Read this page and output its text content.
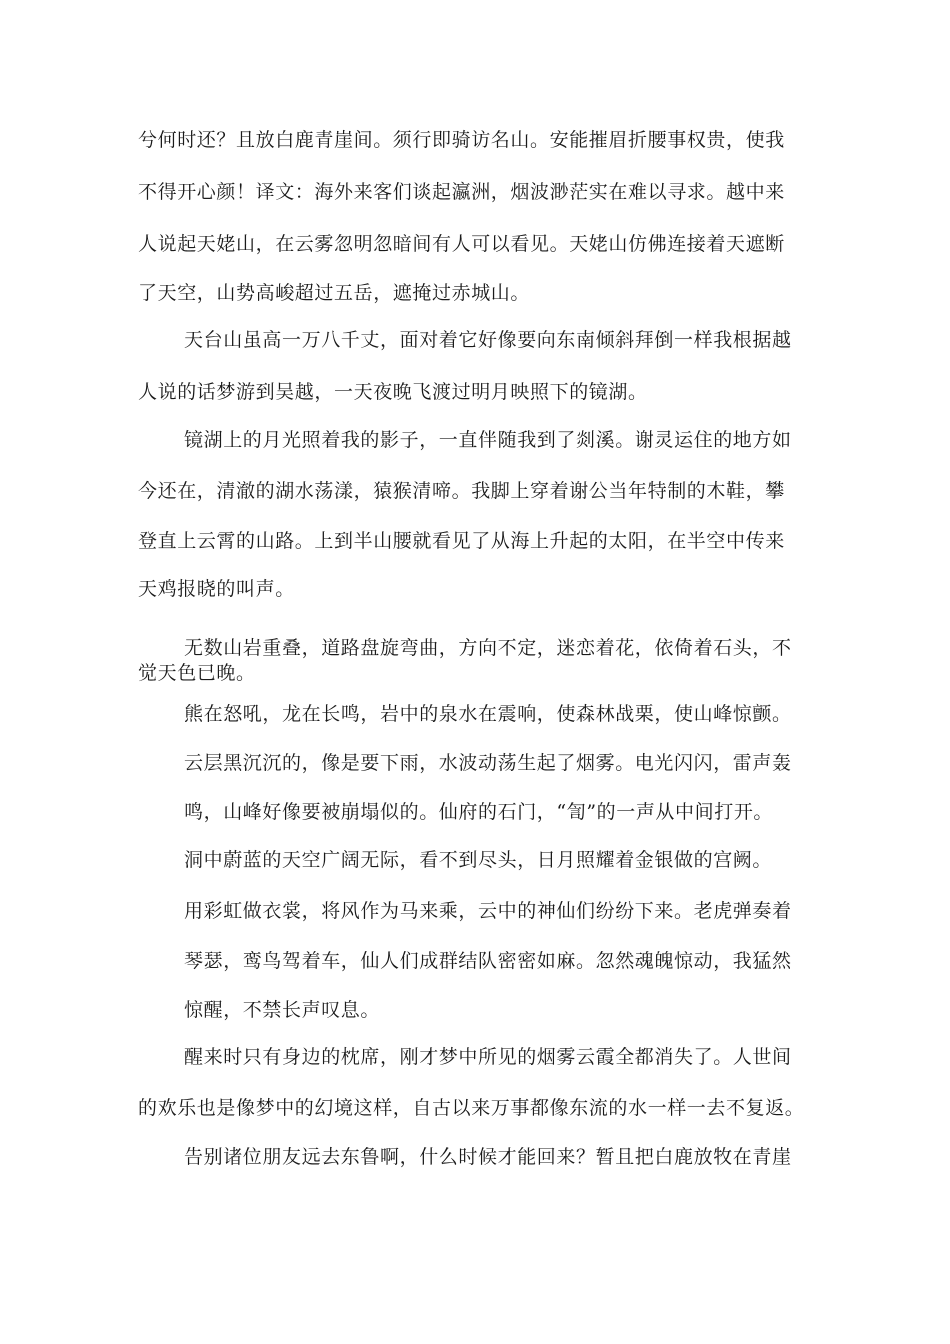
兮何时还？且放白鹿青崖间。须行即骑访名山。安能摧眉折腰事权贵，使我
不得开心颜！译文：海外来客们谈起瀛洲，烟波渺茫实在难以寻求。越中来
人说起天姥山，在云雾忽明忽暗间有人可以看见。天姥山仿佛连接着天遮断
了天空，山势高峻超过五岳，遮掩过赤城山。
天台山虽高一万八千丈，面对着它好像要向东南倾斜拜倒一样我根据越
人说的话梦游到吴越，一天夜晚飞渡过明月映照下的镜湖。
镜湖上的月光照着我的影子，一直伴随我到了剡溪。谢灵运住的地方如
今还在，清澈的湖水荡漾，猿猴清啼。我脚上穿着谢公当年特制的木鞋，攀
登直上云霄的山路。上到半山腰就看见了从海上升起的太阳，在半空中传来
天鸡报晓的叫声。
无数山岩重叠，道路盘旋弯曲，方向不定，迷恋着花，依倚着石头，不
觉天色已晚。
熊在怒吼，龙在长鸣，岩中的泉水在震响，使森林战栗，使山峰惊颤。
云层黑沉沉的，像是要下雨，水波动荡生起了烟雾。电光闪闪，雷声轰
鸣，山峰好像要被崩塌似的。仙府的石门，“訇”的一声从中间打开。
洞中蔚蓝的天空广阔无际，看不到尽头，日月照耀着金银做的宫阙。
用彩虹做衣裳，将风作为马来乘，云中的神仙们纷纷下来。老虎弹奏着
琴瑟，鸾鸟驾着车，仙人们成群结队密密如麻。忽然魂魄惊动，我猛然
惊醒，不禁长声叹息。
醒来时只有身边的枕席，刚才梦中所见的烟雾云霞全都消失了。人世间
的欢乐也是像梦中的幻境这样，自古以来万事都像东流的水一样一去不复返。
告别诸位朋友远去东鲁啊，什么时候才能回来？暂且把白鹿放牧在青崖
